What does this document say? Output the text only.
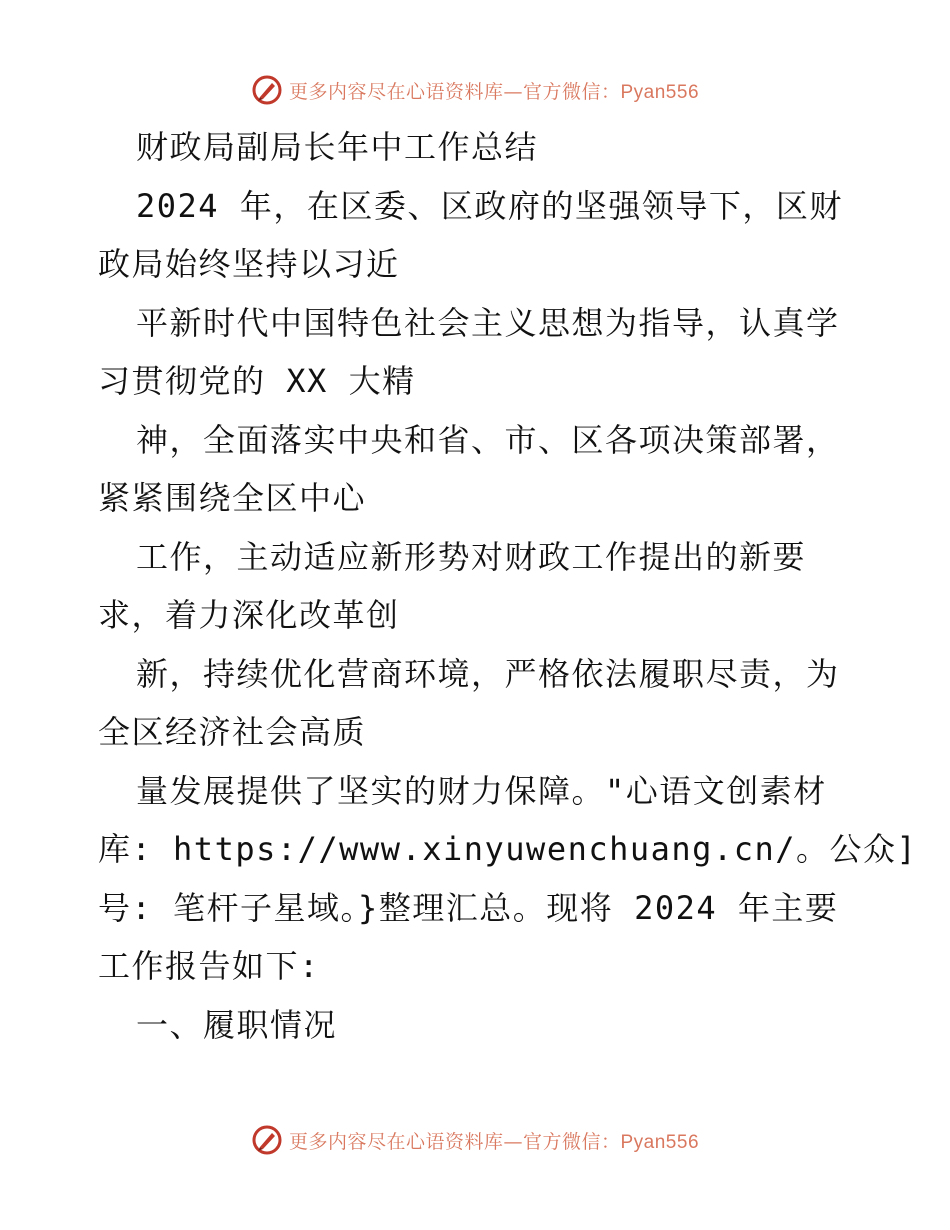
更多内容尽在心语资料库—官方微信：Pyan556
财政局副局长年中工作总结
2024 年，在区委、区政府的坚强领导下，区财
政局始终坚持以习近
平新时代中国特色社会主义思想为指导，认真学
习贯彻党的 XX 大精
神，全面落实中央和省、市、区各项决策部署，
紧紧围绕全区中心
工作，主动适应新形势对财政工作提出的新要
求，着力深化改革创
新，持续优化营商环境，严格依法履职尽责，为
全区经济社会高质
量发展提供了坚实的财力保障。"心语文创素材
库: https://www.xinyuwenchuang.cn/。公众]
号: 笔杆子星域。}整理汇总。现将 2024 年主要
工作报告如下:
一、履职情况
更多内容尽在心语资料库—官方微信：Pyan556
